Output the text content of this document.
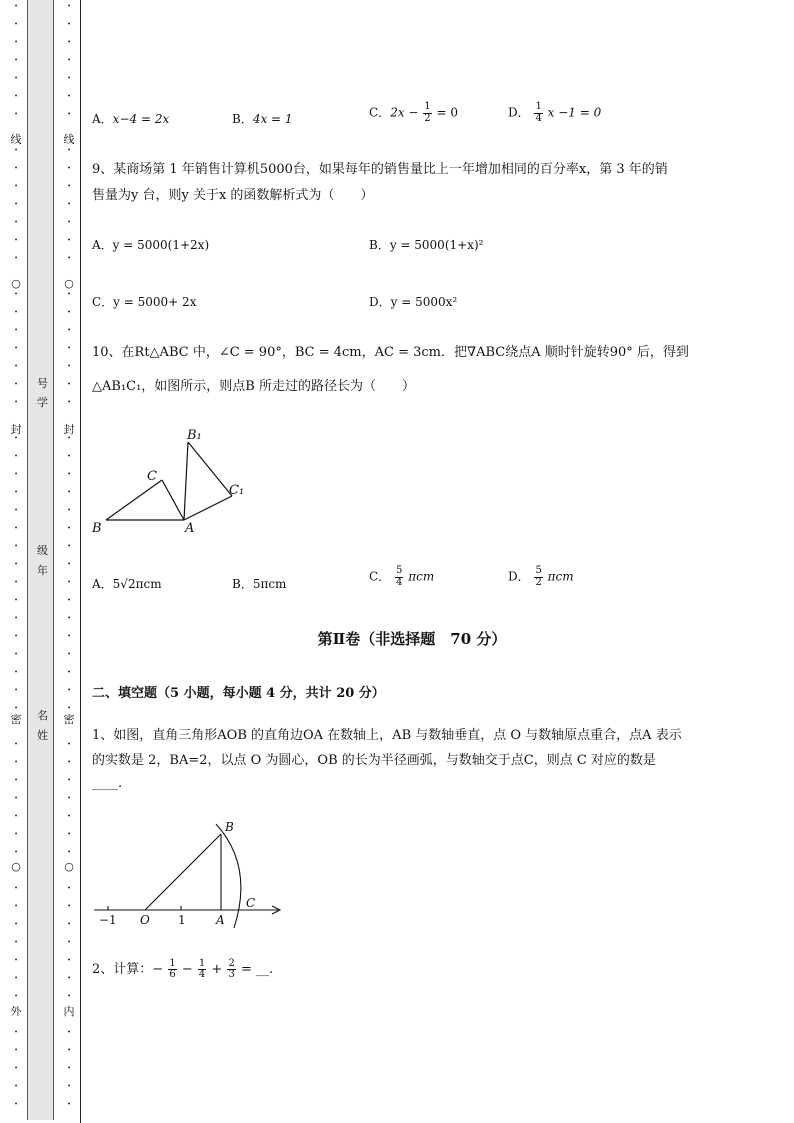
•
•
•
•
•
•
•
线
•
•
•
•
•
•
•
○
•
•
•
•
•
•
•
封
•
•
•
•
•
•
•
•
•
•
•
•
•
•
•
•
密
•
•
•
•
•
•
•
○
•
•
•
•
•
•
•
外
•
•
•
•
•
•
•
•
•
•
•
•
线
•
•
•
•
•
•
•
○
•
•
•
•
•
•
•
封
•
•
•
•
•
•
•
•
•
•
•
•
•
•
•
•
密
•
•
•
•
•
•
•
○
•
•
•
•
•
•
•
内
•
•
•
•
•
号
学
级
年
名
姓
A．x−4 = 2x	B．4x = 1	C．$2x - \frac{1}{2} = 0$	D． $\frac{1}{4}$ x −1 = 0
9、某商场第 1 年销售计算机5000台，如果每年的销售量比上一年增加相同的百分率x，第 3 年的销
售量为y 台，则y 关于x 的函数解析式为（　　）
A．y = 5000(1+2x)	B．y = 5000(1+x)²
C．y = 5000+ 2x	D．y = 5000x²
10、在Rt△ABC 中，∠C = 90°，BC = 4cm，AC = 3cm．把∇ABC绕点A 顺时针旋转90° 后，得到
△AB₁C₁，如图所示，则点B 所走过的路径长为（　　）
B₁
C
C₁
B	A
A．5√2πcm	B．5πcm
C． $\frac{5}{4}$ πcm	D． $\frac{5}{2}$ πcm
第Ⅱ卷（非选择题　70 分）
二、填空题（5 小题，每小题 4 分，共计 20 分）
1、如图，直角三角形AOB 的直角边OA 在数轴上，AB 与数轴垂直，点 O 与数轴原点重合，点A 表示
的实数是 2，BA=2，以点 O 为圆心，OB 的长为半径画弧，与数轴交于点C，则点 C 对应的数是
____.
B
−1 O 1	A
C
2、计算：− $\frac{1}{6} - \frac{1}{4} + \frac{2}{3}$ = __.
